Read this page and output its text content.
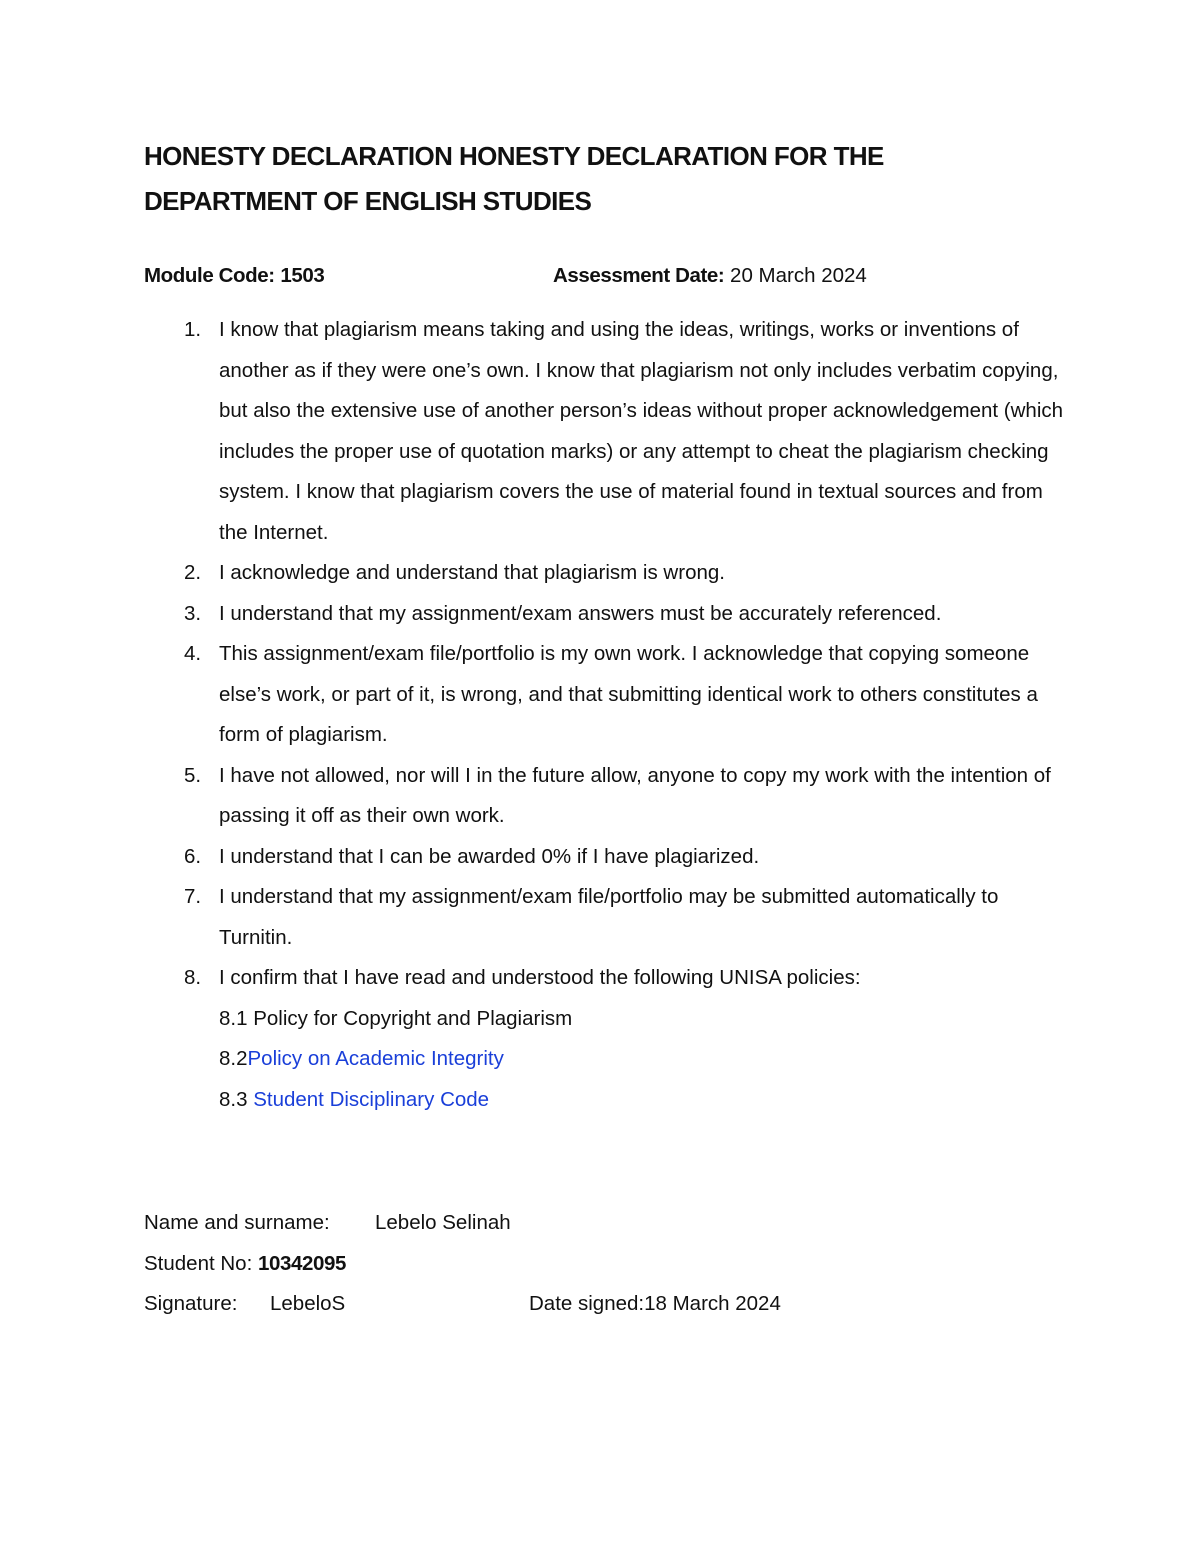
HONESTY DECLARATION HONESTY DECLARATION FOR THE DEPARTMENT OF ENGLISH STUDIES
Module Code: 1503	Assessment Date: 20 March 2024
1. I know that plagiarism means taking and using the ideas, writings, works or inventions of another as if they were one’s own. I know that plagiarism not only includes verbatim copying, but also the extensive use of another person’s ideas without proper acknowledgement (which includes the proper use of quotation marks) or any attempt to cheat the plagiarism checking system. I know that plagiarism covers the use of material found in textual sources and from the Internet.
2. I acknowledge and understand that plagiarism is wrong.
3. I understand that my assignment/exam answers must be accurately referenced.
4. This assignment/exam file/portfolio is my own work. I acknowledge that copying someone else’s work, or part of it, is wrong, and that submitting identical work to others constitutes a form of plagiarism.
5. I have not allowed, nor will I in the future allow, anyone to copy my work with the intention of passing it off as their own work.
6. I understand that I can be awarded 0% if I have plagiarized.
7. I understand that my assignment/exam file/portfolio may be submitted automatically to Turnitin.
8. I confirm that I have read and understood the following UNISA policies:
8.1 Policy for Copyright and Plagiarism
8.2Policy on Academic Integrity
8.3 Student Disciplinary Code
Name and surname: Lebelo Selinah
Student No: 10342095
Signature: LebeloS	Date signed:18 March 2024
